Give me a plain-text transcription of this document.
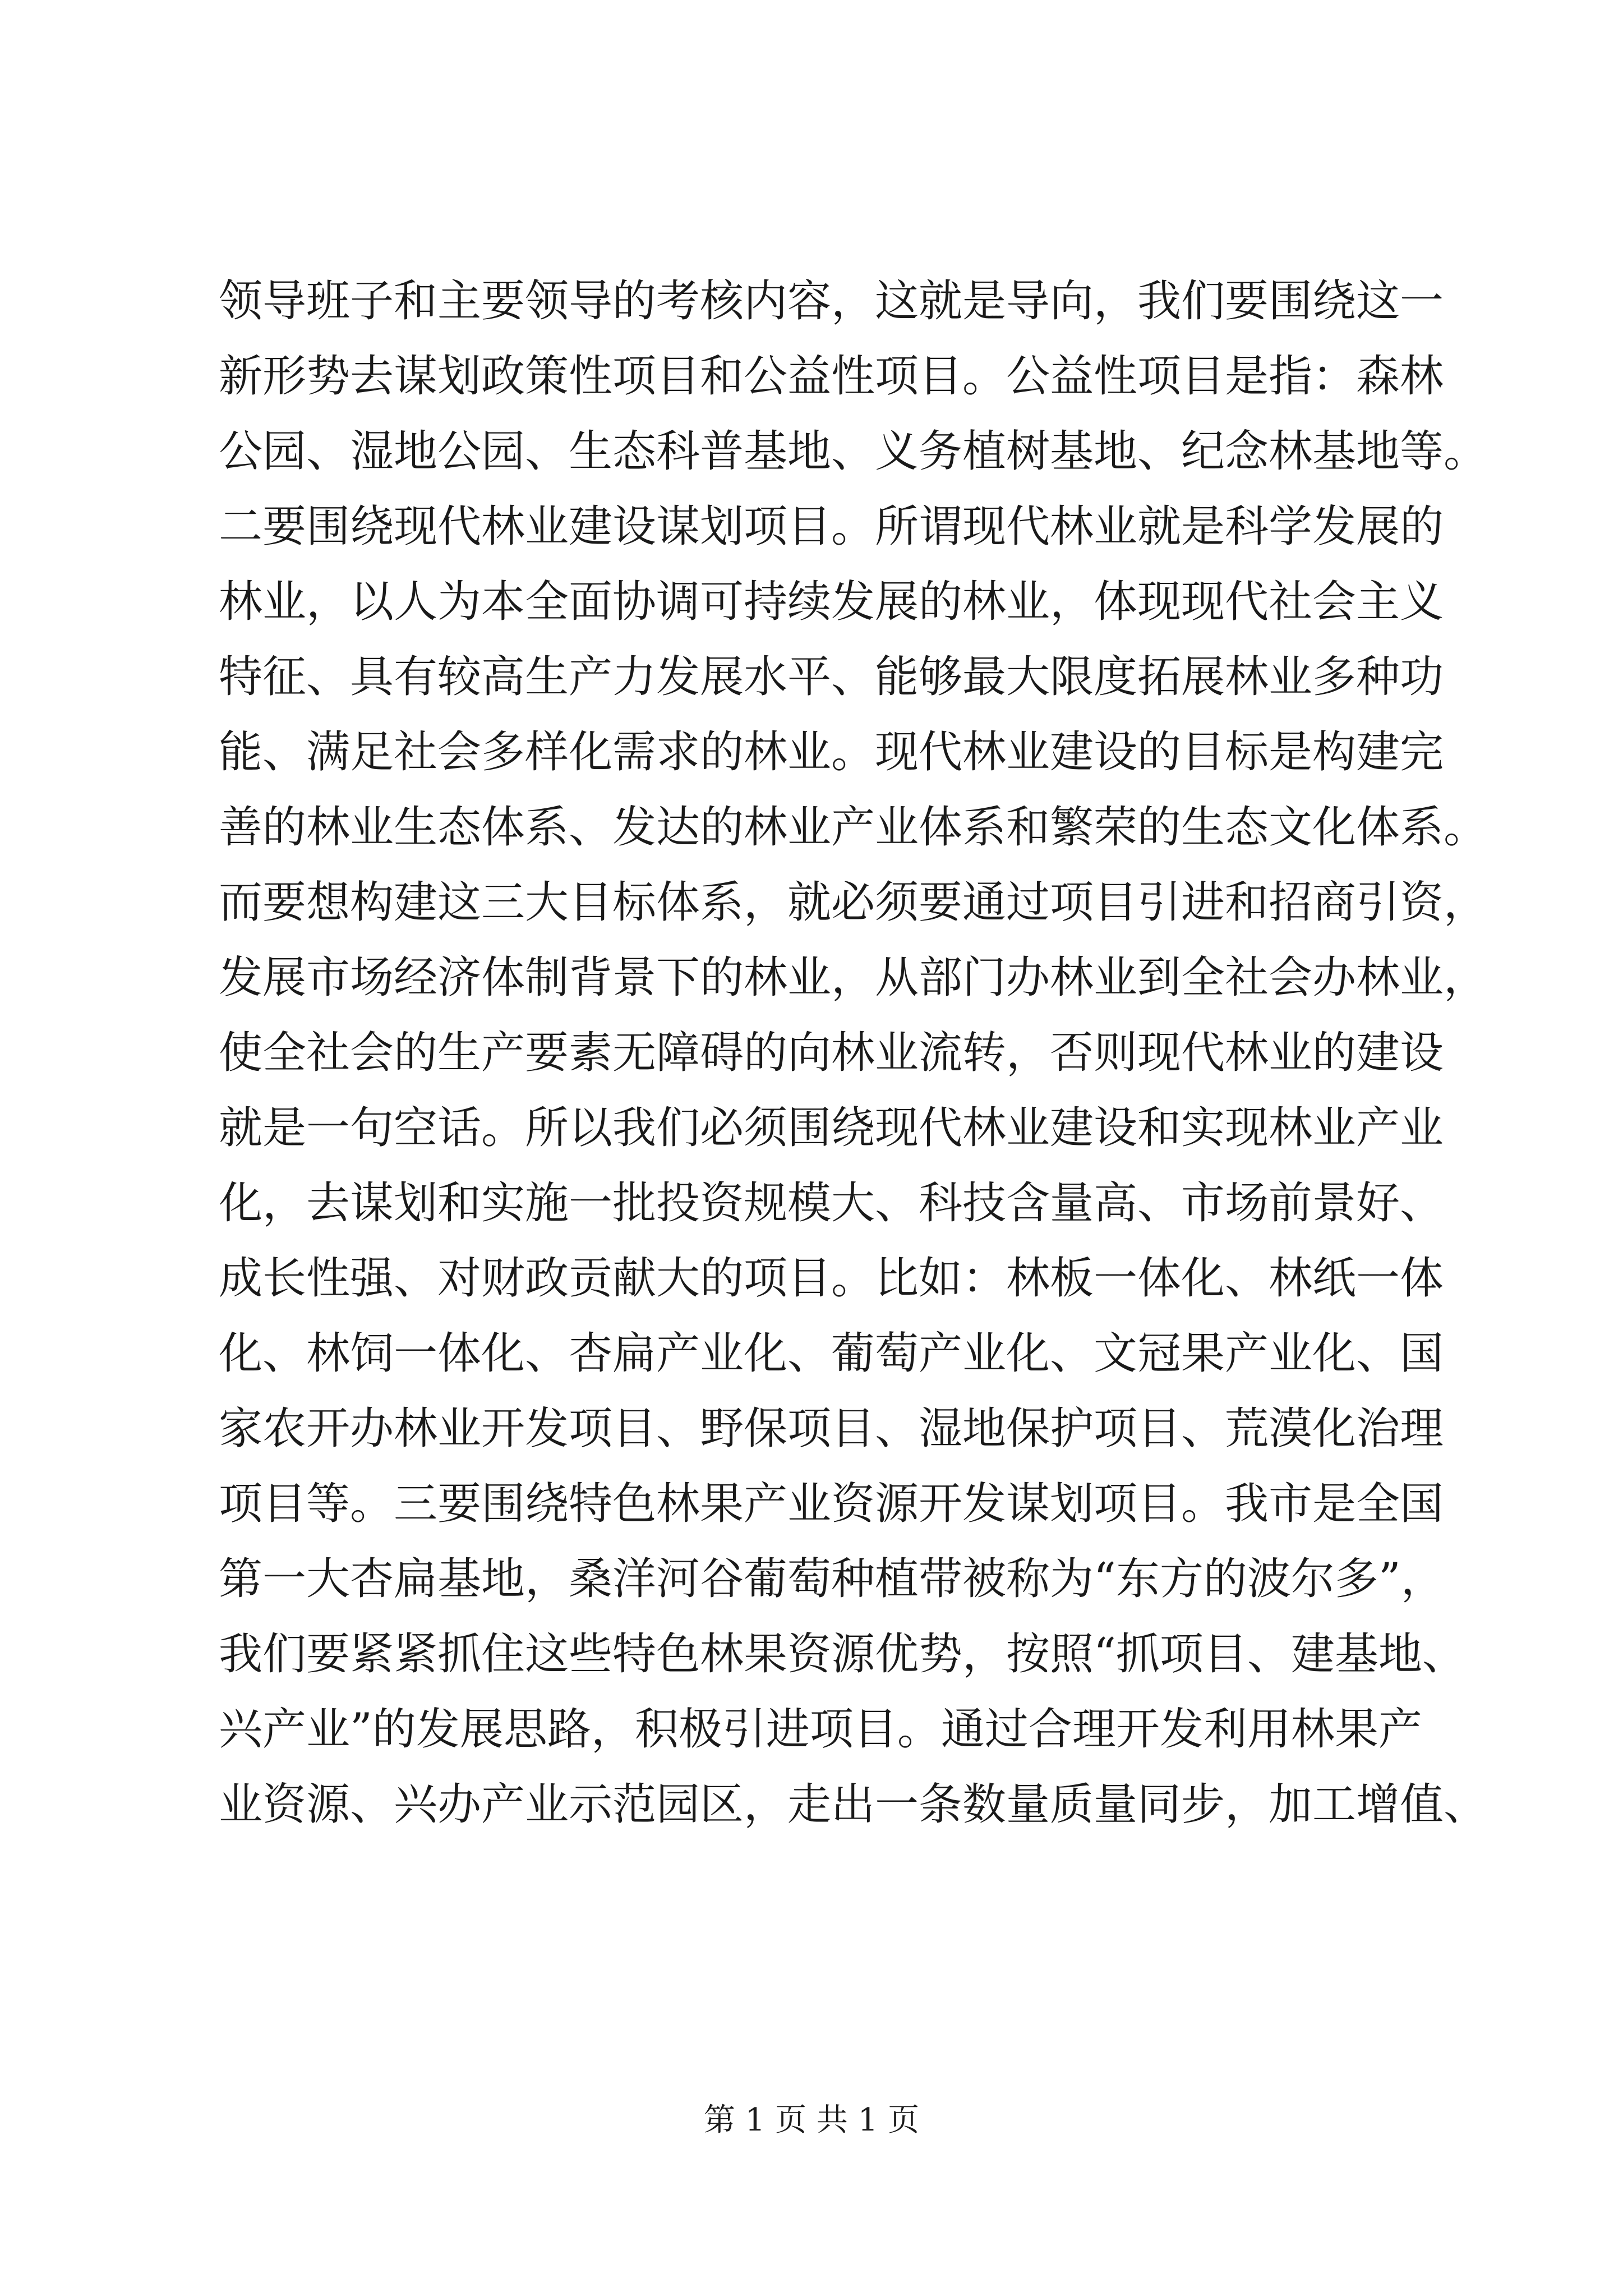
领导班子和主要领导的考核内容，这就是导向，我们要围绕这一
新形势去谋划政策性项目和公益性项目。公益性项目是指：森林
公园、湿地公园、生态科普基地、义务植树基地、纪念林基地等。
二要围绕现代林业建设谋划项目。所谓现代林业就是科学发展的
林业，以人为本全面协调可持续发展的林业，体现现代社会主义
特征、具有较高生产力发展水平、能够最大限度拓展林业多种功
能、满足社会多样化需求的林业。现代林业建设的目标是构建完
善的林业生态体系、发达的林业产业体系和繁荣的生态文化体系。
而要想构建这三大目标体系，就必须要通过项目引进和招商引资，
发展市场经济体制背景下的林业，从部门办林业到全社会办林业，
使全社会的生产要素无障碍的向林业流转，否则现代林业的建设
就是一句空话。所以我们必须围绕现代林业建设和实现林业产业
化，去谋划和实施一批投资规模大、科技含量高、市场前景好、
成长性强、对财政贡献大的项目。比如：林板一体化、林纸一体
化、林饲一体化、杏扁产业化、葡萄产业化、文冠果产业化、国
家农开办林业开发项目、野保项目、湿地保护项目、荒漠化治理
项目等。三要围绕特色林果产业资源开发谋划项目。我市是全国
第一大杏扁基地，桑洋河谷葡萄种植带被称为“东方的波尔多”，
我们要紧紧抓住这些特色林果资源优势，按照“抓项目、建基地、
兴产业”的发展思路，积极引进项目。通过合理开发利用林果产
业资源、兴办产业示范园区，走出一条数量质量同步，加工增值、
第 1 页 共 1 页
